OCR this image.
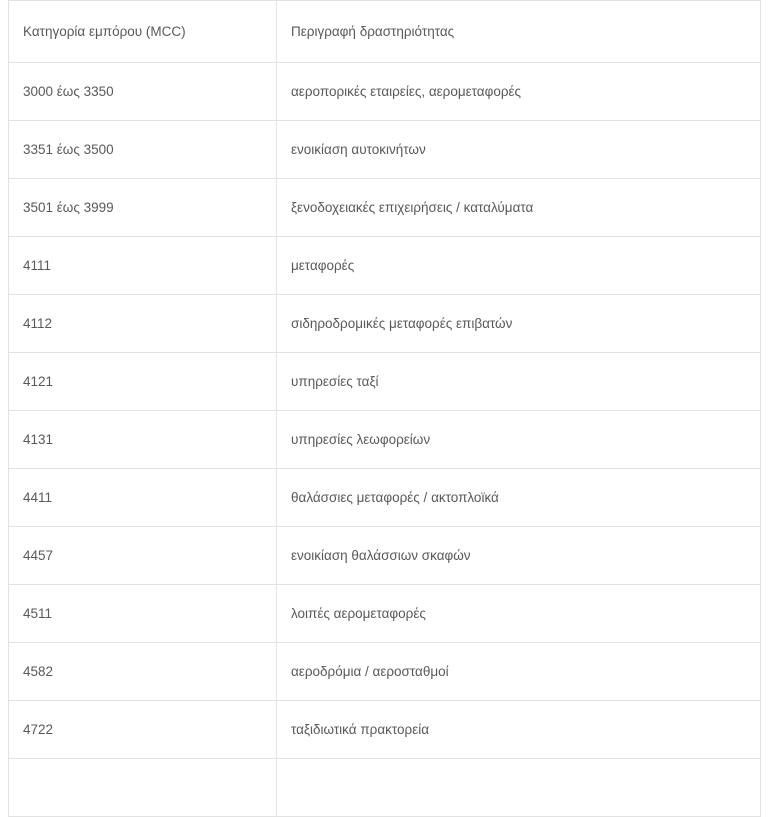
Κατηγορία εμπόρου (MCC)	Περιγραφή δραστηριότητας
3000 έως 3350	αεροπορικές εταιρείες, αερομεταφορές
3351 έως 3500	ενοικίαση αυτοκινήτων
3501 έως 3999	ξενοδοχειακές επιχειρήσεις / καταλύματα
4111	μεταφορές
4112	σιδηροδρομικές μεταφορές επιβατών
4121	υπηρεσίες ταξί
4131	υπηρεσίες λεωφορείων
4411	θαλάσσιες μεταφορές / ακτοπλοϊκά
4457	ενοικίαση θαλάσσιων σκαφών
4511	λοιπές αερομεταφορές
4582	αεροδρόμια / αεροσταθμοί
4722	ταξιδιωτικά πρακτορεία
